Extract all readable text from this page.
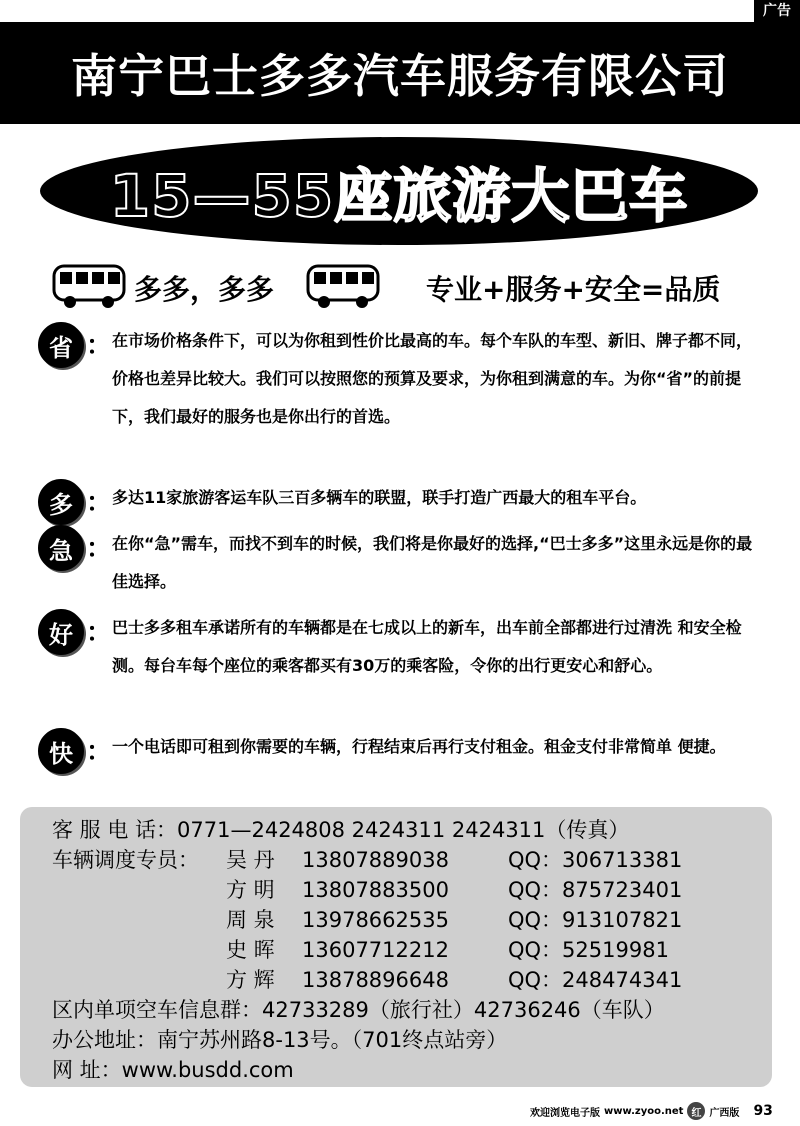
广告
南宁巴士多多汽车服务有限公司
15—55座旅游大巴车
多多，多多	专业+服务+安全=品质
省 ： 在市场价格条件下，可以为你租到性价比最高的车。每个车队的车型、新旧、牌子都不同，价格也差异比较大。我们可以按照您的预算及要求，为你租到满意的车。为你“省”的前提下，我们最好的服务也是你出行的首选。
多 ： 多达11家旅游客运车队三百多辆车的联盟，联手打造广西最大的租车平台。
急 ： 在你“急”需车，而找不到车的时候，我们将是你最好的选择,“巴士多多”这里永远是你的最佳选择。
好 ： 巴士多多租车承诺所有的车辆都是在七成以上的新车，出车前全部都进行过清洗 和安全检测。每台车每个座位的乘客都买有30万的乘客险，令你的出行更安心和舒心。
快 ： 一个电话即可租到你需要的车辆，行程结束后再行支付租金。租金支付非常简单 便捷。
客 服 电 话：0771—2424808 2424311 2424311（传真）
车辆调度专员： 吴 丹 13807889038	QQ：306713381
方 明 13807883500	QQ：875723401
周 泉 13978662535	QQ：913107821
史 晖 13607712212	QQ：52519981
方 辉 13878896648	QQ：248474341
区内单项空车信息群：42733289（旅行社）42736246（车队）
办公地址：南宁苏州路8-13号。（701终点站旁）
网 址：www.busdd.com
欢迎浏览电子版 www.zyoo.net 红 广西版 93
